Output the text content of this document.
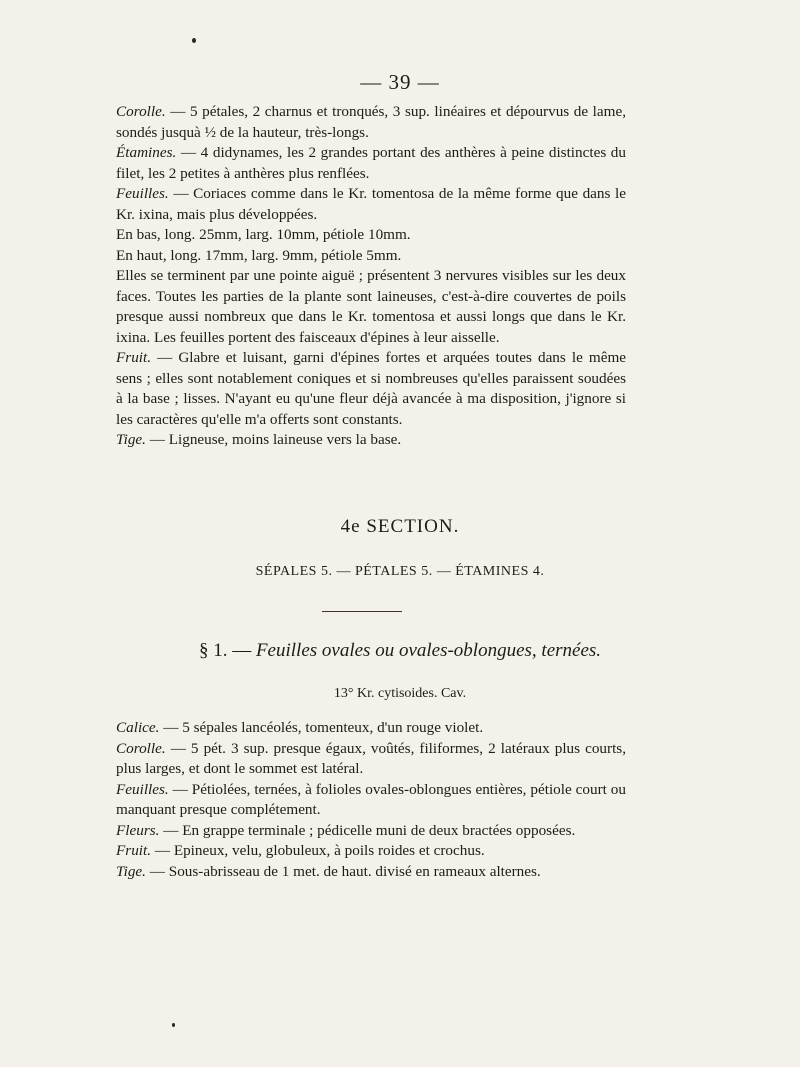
— 39 —

Corolle. — 5 pétales, 2 charnus et tronqués, 3 sup. linéaires et dépourvus de lame, sondés jusquà ½ de la hauteur, très-longs.

Étamines. — 4 didynames, les 2 grandes portant des anthères à peine distinctes du filet, les 2 petites à anthères plus renflées.

Feuilles. — Coriaces comme dans le Kr. tomentosa de la même forme que dans le Kr. ixina, mais plus développées.

En bas, long. 25mm, larg. 10mm, pétiole 10mm.

En haut, long. 17mm, larg. 9mm, pétiole 5mm.

Elles se terminent par une pointe aiguë ; présentent 3 nervures visibles sur les deux faces. Toutes les parties de la plante sont laineuses, c'est-à-dire couvertes de poils presque aussi nombreux que dans le Kr. tomentosa et aussi longs que dans le Kr. ixina. Les feuilles portent des faisceaux d'épines à leur aisselle.

Fruit. — Glabre et luisant, garni d'épines fortes et arquées toutes dans le même sens ; elles sont notablement coniques et si nombreuses qu'elles paraissent soudées à la base ; lisses. N'ayant eu qu'une fleur déjà avancée à ma disposition, j'ignore si les caractères qu'elle m'a offerts sont constants.

Tige. — Ligneuse, moins laineuse vers la base.

4e SECTION.
SÉPALES 5. — PÉTALES 5. — ÉTAMINES 4.
§ 1. — Feuilles ovales ou ovales-oblongues, ternées.
13° Kr. cytisoides. Cav.

Calice. — 5 sépales lancéolés, tomenteux, d'un rouge violet.

Corolle. — 5 pét. 3 sup. presque égaux, voûtés, filiformes, 2 latéraux plus courts, plus larges, et dont le sommet est latéral.

Feuilles. — Pétiolées, ternées, à folioles ovales-oblongues entières, pétiole court ou manquant presque complétement.

Fleurs. — En grappe terminale ; pédicelle muni de deux bractées opposées.

Fruit. — Epineux, velu, globuleux, à poils roides et crochus.

Tige. — Sous-abrisseau de 1 met. de haut. divisé en rameaux alternes.
